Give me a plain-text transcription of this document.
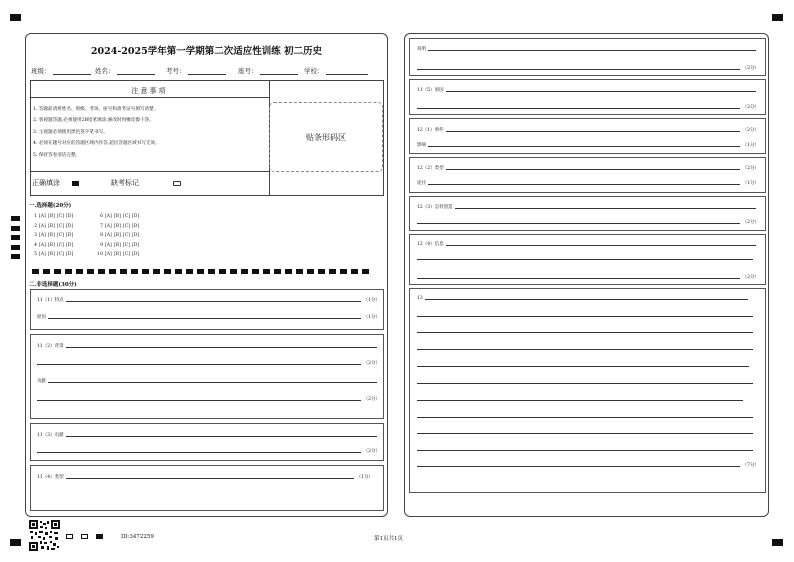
2024-2025学年第一学期第二次适应性训练 初二历史
班级：	姓名：	考号：	座号：	学校：
注意事项
1. 答题前请将姓名、班级、考场、座号和准考证号填写清楚。
2. 客观题答题,必须使用2B铅笔填涂,修改时用橡皮擦干净。
3. 主观题必须使用黑色签字笔书写。
4. 必须在题号对应的答题区域内作答,超出答题区域书写无效。
5. 保持答卷清洁完整。
正确填涂	缺考标记
贴条形码区
一.选择题(20分)
二.非选择题(30分)
11（1）特点	（1分）
原因	（1分）
11（2）背景
（2分）
贡献
（2分）
11（3）贡献
（2分）
11（4）类型	（1分）
1 [A] [B] [C] [D]	6 [A] [B] [C] [D]
2 [A] [B] [C] [D]	7 [A] [B] [C] [D]
3 [A] [B] [C] [D]	8 [A] [B] [C] [D]
4 [A] [B] [C] [D]	9 [A] [B] [C] [D]
5 [A] [B] [C] [D]	10 [A] [B] [C] [D]
说明
（2分）
11（5）原因
（2分）
12（1）事件	（2分）
影响	（1分）
12（2）类型	（2分）
途径	（1分）
12（3）怎样创造
（2分）
12（4）信息
（2分）
13
（7分）
ID:3472259	第1页共1页
